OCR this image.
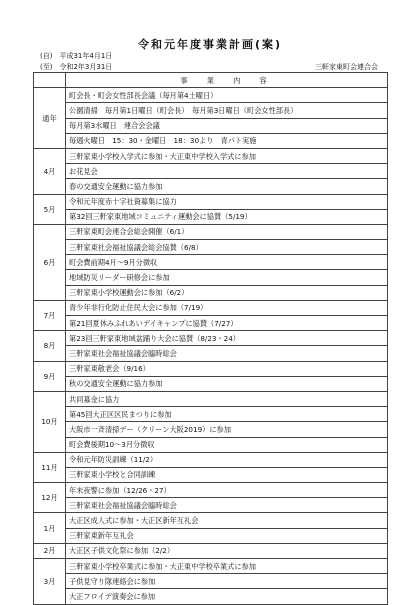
令和元年度事業計画(案)
(自)　平成31年4月1日
(至)　令和2年3月31日	三軒家東町会連合会
	事　業　内　容
通年	町会長・町会女性部長会議（毎月第4土曜日）
	公園清掃　毎月第1日曜日（町会長）　毎月第3日曜日（町会女性部長）
	毎月第3水曜日　連合会会議
	毎週火曜日　15：30・金曜日　18：30より　青パト実施
4月	三軒家東小学校入学式に参加・大正東中学校入学式に参加
	お花見会
	春の交通安全運動に協力参加
5月	令和元年度赤十字社資募集に協力
	第32回三軒家東地域コミュニティ運動会に協賛（5/19）
6月	三軒家東町会連合会総会開催（6/1）
	三軒家東社会福祉協議会総会協賛（6/8）
	町会費前期4月～9月分徴収
	地域防災リーダー研修会に参加
	三軒家東小学校運動会に参加（6/2）
7月	青少年非行化防止住民大会に参加（7/19）
	第21回夏休みふれあいデイキャンプに協賛（7/27）
8月	第23回三軒家東地域盆踊り大会に協賛（8/23・24）
	三軒家東社会福祉協議会臨時総会
9月	三軒家東敬老会（9/16）
	秋の交通安全運動に協力参加
10月	共同募金に協力
	第45回大正区区民まつりに参加
	大阪市一斉清掃デー（クリーン大阪2019）に参加
	町会費後期10～3月分徴収
11月	令和元年防災訓練（11/2）
	三軒家東小学校と合同訓練
12月	年末夜警に参加（12/26・27）
	三軒家東社会福祉協議会臨時総会
1月	大正区成人式に参加・大正区新年互礼会
	三軒家東新年互礼会
2月	大正区子供文化祭に参加（2/2）
3月	三軒家東小学校卒業式に参加・大正東中学校卒業式に参加
	子供見守り隊連絡会に参加
	大正フロイデ演奏会に参加
